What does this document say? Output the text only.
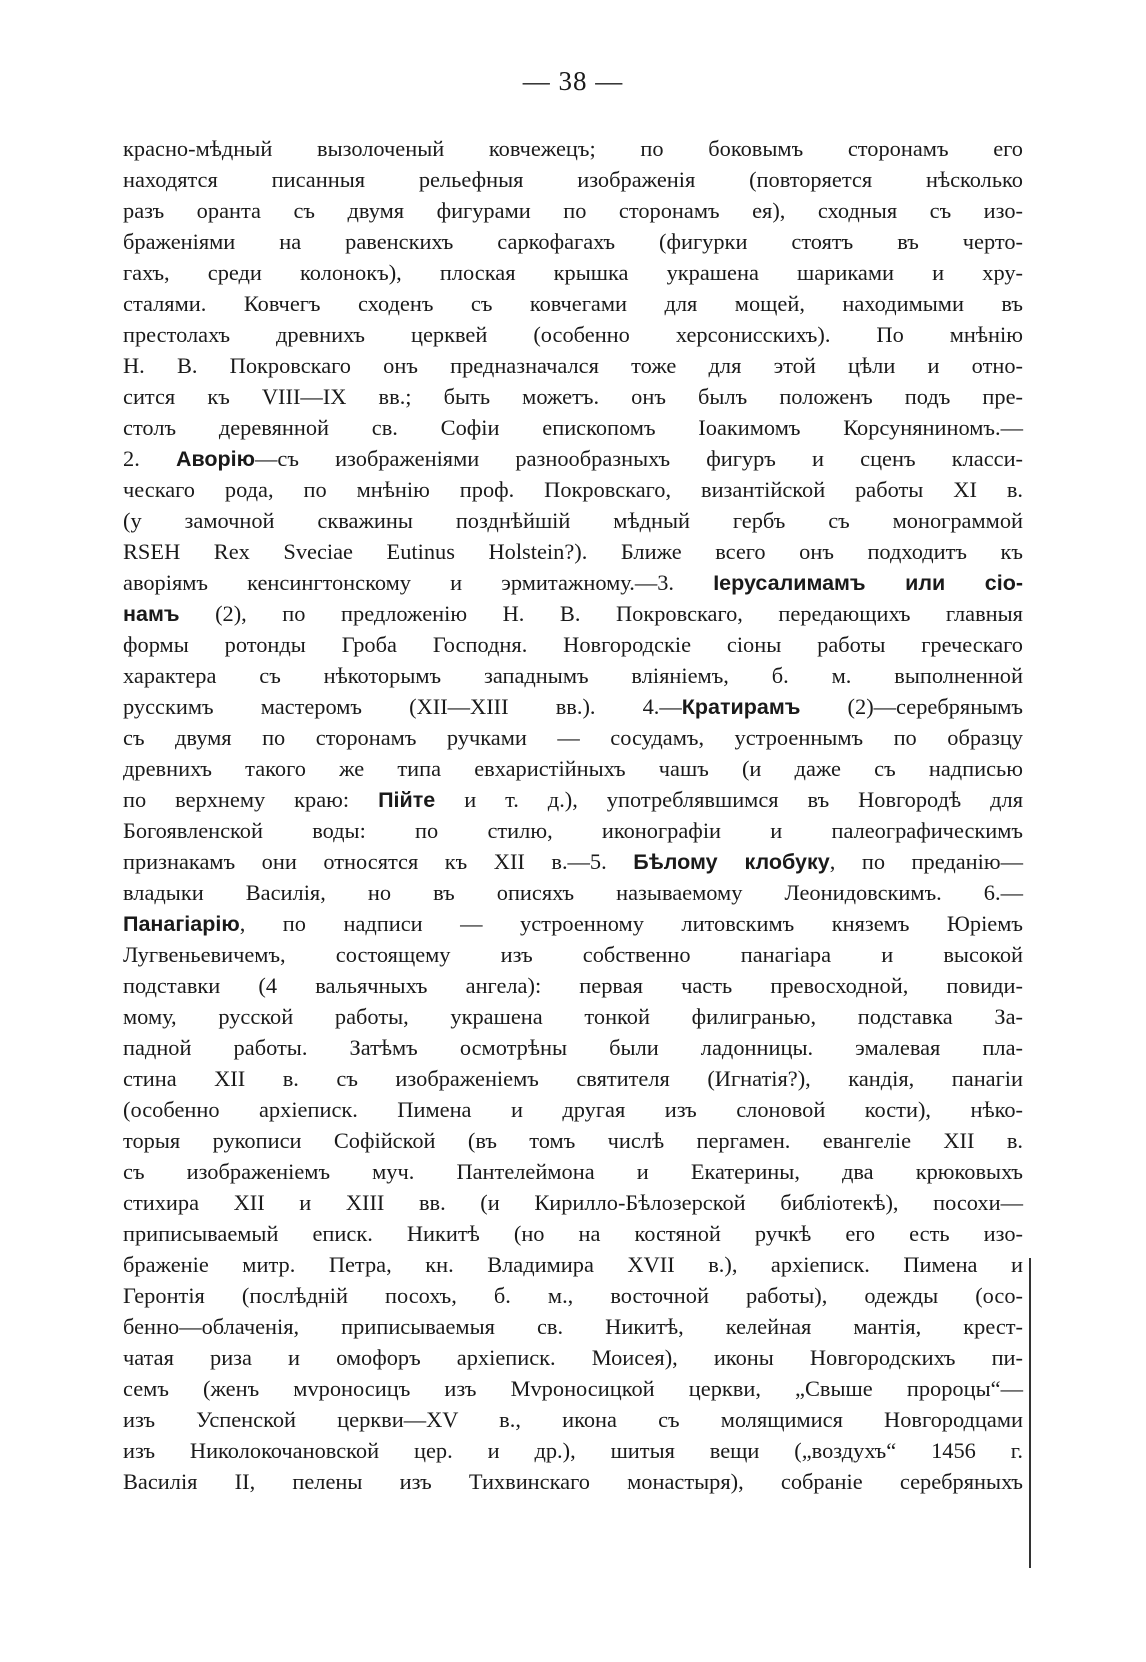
— 38 —
красно-мѣдный вызолоченый ковчежецъ; по боковымъ сторонамъ его
находятся писанныя рельефныя изображенія (повторяется нѣсколько
разъ оранта съ двумя фигурами по сторонамъ ея), сходныя съ изо-
браженіями на равенскихъ саркофагахъ (фигурки стоятъ въ черто-
гахъ, среди колонокъ), плоская крышка украшена шариками и хру-
сталями. Ковчегъ сходенъ съ ковчегами для мощей, находимыми въ
престолахъ древнихъ церквей (особенно херсонисскихъ). По мнѣнію
Н. В. Покровскаго онъ предназначался тоже для этой цѣли и отно-
сится къ VIII—IX вв.; быть можетъ. онъ былъ положенъ подъ пре-
столъ деревянной св. Софіи епископомъ Іоакимомъ Корсуняниномъ.—
2. Аворію—съ изображеніями разнообразныхъ фигуръ и сценъ класси-
ческаго рода, по мнѣнію проф. Покровскаго, византійской работы XI в.
(у замочной скважины позднѣйшій мѣдный гербъ съ монограммой
RSEH Rex Sveciae Eutinus Holstein?). Ближе всего онъ подходитъ къ
аворіямъ кенсингтонскому и эрмитажному.—3. Іерусалимамъ или сіо-
намъ (2), по предложенію Н. В. Покровскаго, передающихъ главныя
формы ротонды Гроба Господня. Новгородскіе сіоны работы греческаго
характера съ нѣкоторымъ западнымъ вліяніемъ, б. м. выполненной
русскимъ мастеромъ (XII—XIII вв.). 4.—Кратирамъ (2)—серебрянымъ
съ двумя по сторонамъ ручками — сосудамъ, устроеннымъ по образцу
древнихъ такого же типа евхаристійныхъ чашъ (и даже съ надписью
по верхнему краю: Пійте и т. д.), употреблявшимся въ Новгородѣ для
Богоявленской воды: по стилю, иконографіи и палеографическимъ
признакамъ они относятся къ XII в.—5. Бѣлому клобуку, по преданію—
владыки Василія, но въ описяхъ называемому Леонидовскимъ. 6.—
Панагіарію, по надписи — устроенному литовскимъ княземъ Юріемъ
Лугвеньевичемъ, состоящему изъ собственно панагіара и высокой
подставки (4 вальячныхъ ангела): первая часть превосходной, повиди-
мому, русской работы, украшена тонкой филигранью, подставка За-
падной работы. Затѣмъ осмотрѣны были ладонницы. эмалевая пла-
стина XII в. съ изображеніемъ святителя (Игнатія?), кандія, панагіи
(особенно архіеписк. Пимена и другая изъ слоновой кости), нѣко-
торыя рукописи Софійской (въ томъ числѣ пергамен. евангеліе XII в.
съ изображеніемъ муч. Пантелеймона и Екатерины, два крюковыхъ
стихира XII и XIII вв. (и Кирилло-Бѣлозерской библіотекѣ), посохи—
приписываемый еписк. Никитѣ (но на костяной ручкѣ его есть изо-
браженіе митр. Петра, кн. Владимира XVII в.), архіеписк. Пимена и
Геронтія (послѣдній посохъ, б. м., восточной работы), одежды (осо-
бенно—облаченія, приписываемыя св. Никитѣ, келейная мантія, крест-
чатая риза и омофоръ архіеписк. Моисея), иконы Новгородскихъ пи-
семъ (женъ мvроносицъ изъ Мvроносицкой церкви, „Свыше пророцы“—
изъ Успенской церкви—XV в., икона съ молящимися Новгородцами
изъ Николокочановской цер. и др.), шитыя вещи („воздухъ“ 1456 г.
Василія II, пелены изъ Тихвинскаго монастыря), собраніе серебряныхъ
